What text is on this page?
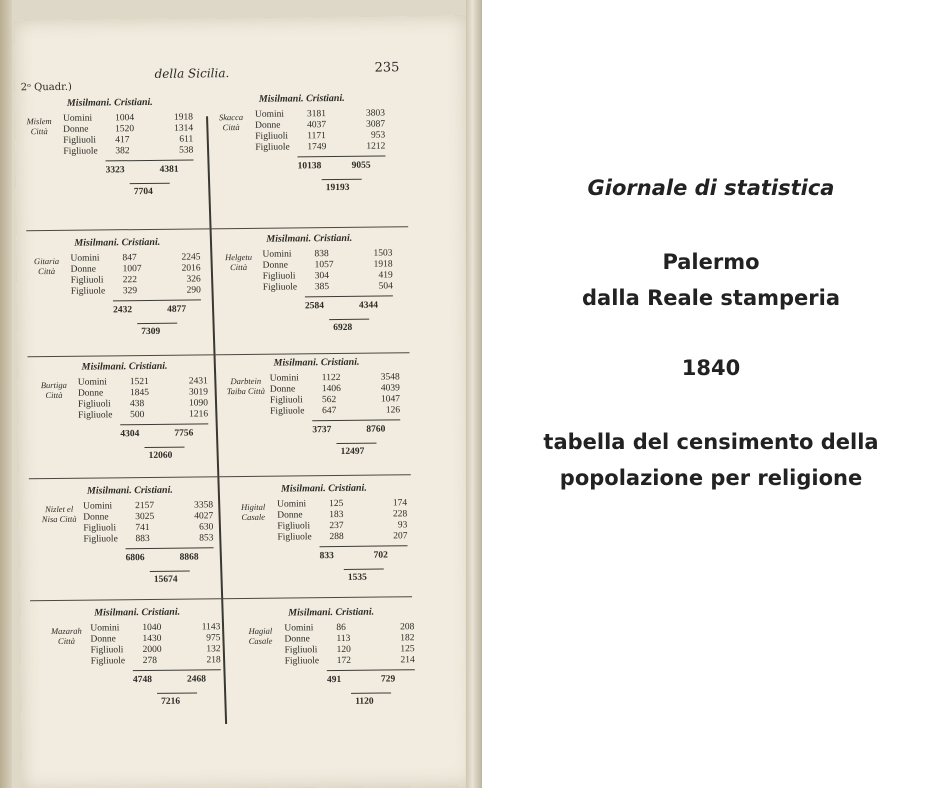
2ᵒ Quadr.)
della Sicilia.	235
Misilmani. Cristiani.
Mislem Città
Uomini 1004	1918
Donne	1520	1314
Figliuoli 417	611
Figliuole 382	538
3323	4381
7704
Misilmani. Cristiani.
Skacca Città
Uomini 3181	3803
Donne	4037	3087
Figliuoli 1171	953
Figliuole 1749	1212
10138	9055
19193
Misilmani. Cristiani.
Gitaria Città
Uomini 847	2245
Donne	1007	2016
Figliuoli 222	326
Figliuole 329	290
2432	4877
7309
Misilmani. Cristiani.
Helgetu Città
Uomini 838	1503
Donne	1057	1918
Figliuoli 304	419
Figliuole 385	504
2584	4344
6928
Misilmani. Cristiani.
Burtiga Città
Uomini 1521	2431
Donne	1845	3019
Figliuoli 438	1090
Figliuole 500	1216
4304	7756
12060
Misilmani. Cristiani.
Darbtein Taiba Città
Uomini 1122	3548
Donne	1406	4039
Figliuoli 562	1047
Figliuole 647	126
3737	8760
12497
Misilmani. Cristiani.
Nizlet el Nisa Città
Uomini 2157	3358
Donne	3025	4027
Figliuoli 741	630
Figliuole 883	853
6806	8868
15674
Misilmani. Cristiani.
Higital Casale
Uomini 125	174
Donne	183	228
Figliuoli 237	93
Figliuole 288	207
833	702
1535
Misilmani. Cristiani.
Mazarah Città
Uomini 1040	1143
Donne	1430	975
Figliuoli 2000	132
Figliuole 278	218
4748	2468
7216
Misilmani. Cristiani.
Hagial Casale
Uomini 86	208
Donne	113	182
Figliuoli 120	125
Figliuole 172	214
491	729
1120
Giornale di statistica
Palermo
dalla Reale stamperia
1840
tabella del censimento della
popolazione per religione
